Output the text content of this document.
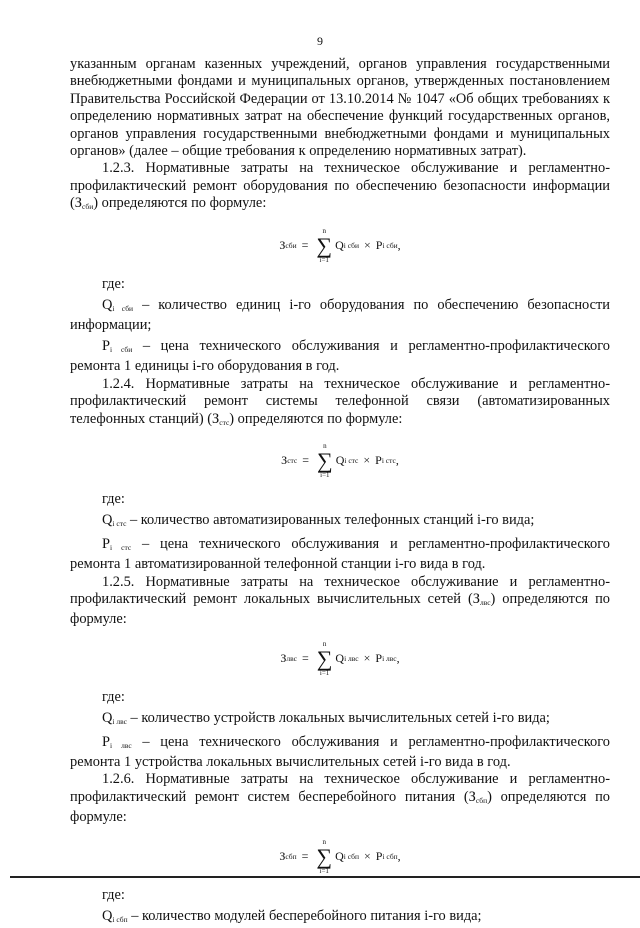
9

указанным органам казенных учреждений, органов управления государственными внебюджетными фондами и муниципальных органов, утвержденных постановлением Правительства Российской Федерации от 13.10.2014 № 1047 «Об общих требованиях к определению нормативных затрат на обеспечение функций государственных органов, органов управления государственными внебюджетными фондами и муниципальных органов» (далее – общие требования к определению нормативных затрат).

1.2.3. Нормативные затраты на техническое обслуживание и регламентно-профилактический ремонт оборудования по обеспечению безопасности информации $(З_{сби})$ определяются по формуле:

З сби =
n
∑
i=1
Q i сби × P i сби ,

где:

$Q_{i сби}$ – количество единиц i-го оборудования по обеспечению безопасности информации;

$P_{i сби}$ – цена технического обслуживания и регламентно-профилактического ремонта 1 единицы i-го оборудования в год.

1.2.4. Нормативные затраты на техническое обслуживание и регламентно-профилактический ремонт системы телефонной связи (автоматизированных телефонных станций) $(З_{стс})$ определяются по формуле:

З стс =
n
∑
i=1
Q i стс × P i стс ,

где:

$Q_{i стс}$ – количество автоматизированных телефонных станций i-го вида;

$P_{i стс}$ – цена технического обслуживания и регламентно-профилактического ремонта 1 автоматизированной телефонной станции i-го вида в год.

1.2.5. Нормативные затраты на техническое обслуживание и регламентно-профилактический ремонт локальных вычислительных сетей $(З_{лвс})$ определяются по формуле:

З лвс =
n
∑
i=1
Q i лвс × P i лвс ,

где:

$Q_{i лвс}$ – количество устройств локальных вычислительных сетей i-го вида;

$P_{i лвс}$ – цена технического обслуживания и регламентно-профилактического ремонта 1 устройства локальных вычислительных сетей i-го вида в год.

1.2.6. Нормативные затраты на техническое обслуживание и регламентно-профилактический ремонт систем бесперебойного питания $(З_{сбп})$ определяются по формуле:

З сбп =
n
∑
i=1
Q i сбп × P i сбп ,

где:

$Q_{i сбп}$ – количество модулей бесперебойного питания i-го вида;
